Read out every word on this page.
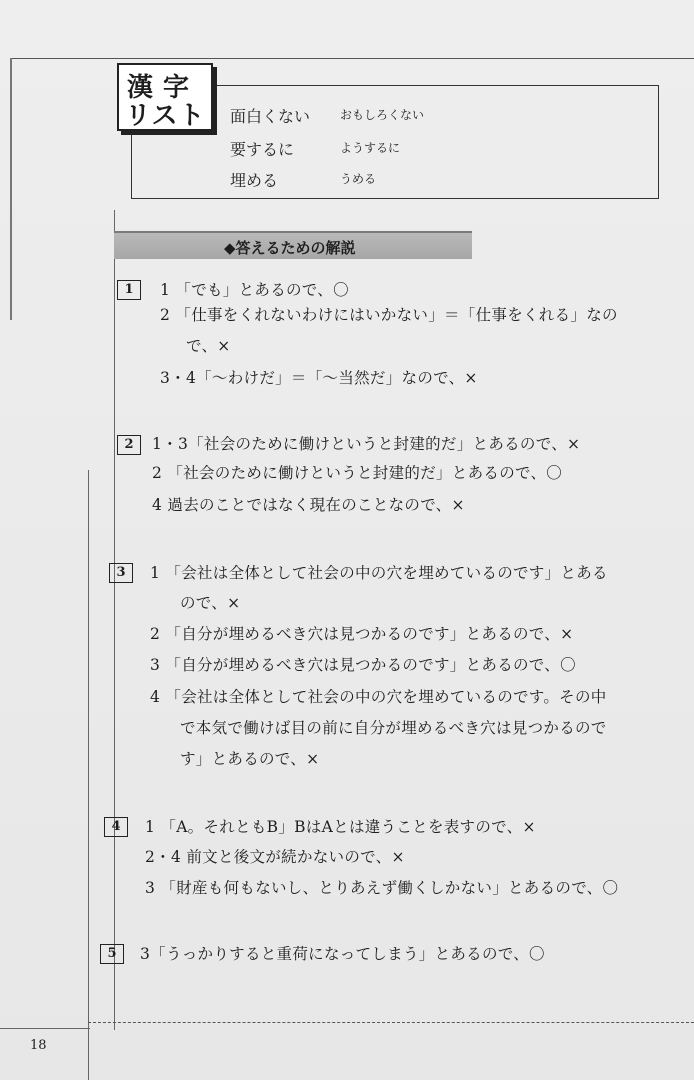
漢字
リスト 面白くない おもしろくない
要するに	ようするに
埋める	うめる
◆答えるための解説
1	1 「でも」とあるので、〇
2 「仕事をくれないわけにはいかない」＝「仕事をくれる」なの
で、×
3・4「〜わけだ」＝「〜当然だ」なので、×
2	1・3「社会のために働けというと封建的だ」とあるので、×
2 「社会のために働けというと封建的だ」とあるので、〇
4 過去のことではなく現在のことなので、×
3	1 「会社は全体として社会の中の穴を埋めているのです」とある
ので、×
2 「自分が埋めるべき穴は見つかるのです」とあるので、×
3 「自分が埋めるべき穴は見つかるのです」とあるので、〇
4 「会社は全体として社会の中の穴を埋めているのです。その中
で本気で働けば目の前に自分が埋めるべき穴は見つかるので
す」とあるので、×
4	1 「A。それともB」BはAとは違うことを表すので、×
2・4 前文と後文が続かないので、×
3 「財産も何もないし、とりあえず働くしかない」とあるので、〇
5	3「うっかりすると重荷になってしまう」とあるので、〇
18
